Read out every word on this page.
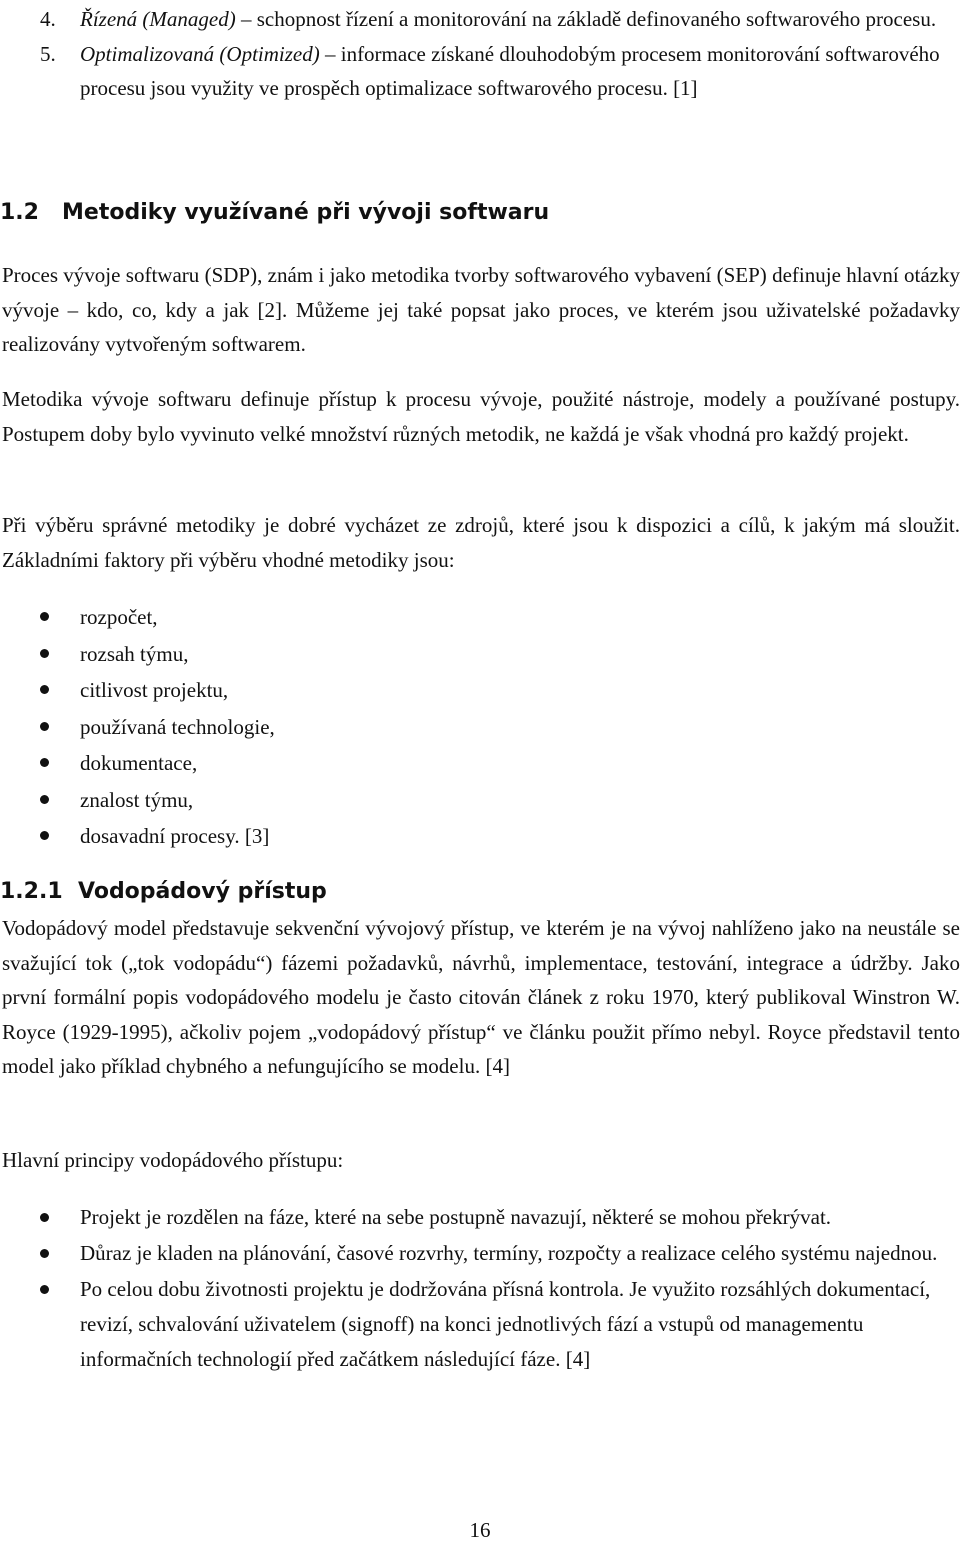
4. Řízená (Managed) – schopnost řízení a monitorování na základě definovaného softwarového procesu.
5. Optimalizovaná (Optimized) – informace získané dlouhodobým procesem monitorování softwarového procesu jsou využity ve prospěch optimalizace softwarového procesu. [1]
1.2 Metodiky využívané při vývoji softwaru

Proces vývoje softwaru (SDP), znám i jako metodika tvorby softwarového vybavení (SEP) definuje hlavní otázky vývoje – kdo, co, kdy a jak [2]. Můžeme jej také popsat jako proces, ve kterém jsou uživatelské požadavky realizovány vytvořeným softwarem.

Metodika vývoje softwaru definuje přístup k procesu vývoje, použité nástroje, modely a používané postupy. Postupem doby bylo vyvinuto velké množství různých metodik, ne každá je však vhodná pro každý projekt.

Při výběru správné metodiky je dobré vycházet ze zdrojů, které jsou k dispozici a cílů, k jakým má sloužit. Základními faktory při výběru vhodné metodiky jsou:

rozpočet,
rozsah týmu,
citlivost projektu,
používaná technologie,
dokumentace,
znalost týmu,
dosavadní procesy. [3]
1.2.1 Vodopádový přístup

Vodopádový model představuje sekvenční vývojový přístup, ve kterém je na vývoj nahlíženo jako na neustále se svažující tok („tok vodopádu“) fázemi požadavků, návrhů, implementace, testování, integrace a údržby. Jako první formální popis vodopádového modelu je často citován článek z roku 1970, který publikoval Winstron W. Royce (1929-1995), ačkoliv pojem „vodopádový přístup“ ve článku použit přímo nebyl. Royce představil tento model jako příklad chybného a nefungujícího se modelu. [4]

Hlavní principy vodopádového přístupu:

Projekt je rozdělen na fáze, které na sebe postupně navazují, některé se mohou překrývat.
Důraz je kladen na plánování, časové rozvrhy, termíny, rozpočty a realizace celého systému najednou.
Po celou dobu životnosti projektu je dodržována přísná kontrola. Je využito rozsáhlých dokumentací, revizí, schvalování uživatelem (signoff) na konci jednotlivých fází a vstupů od managementu informačních technologií před začátkem následující fáze. [4]
16
